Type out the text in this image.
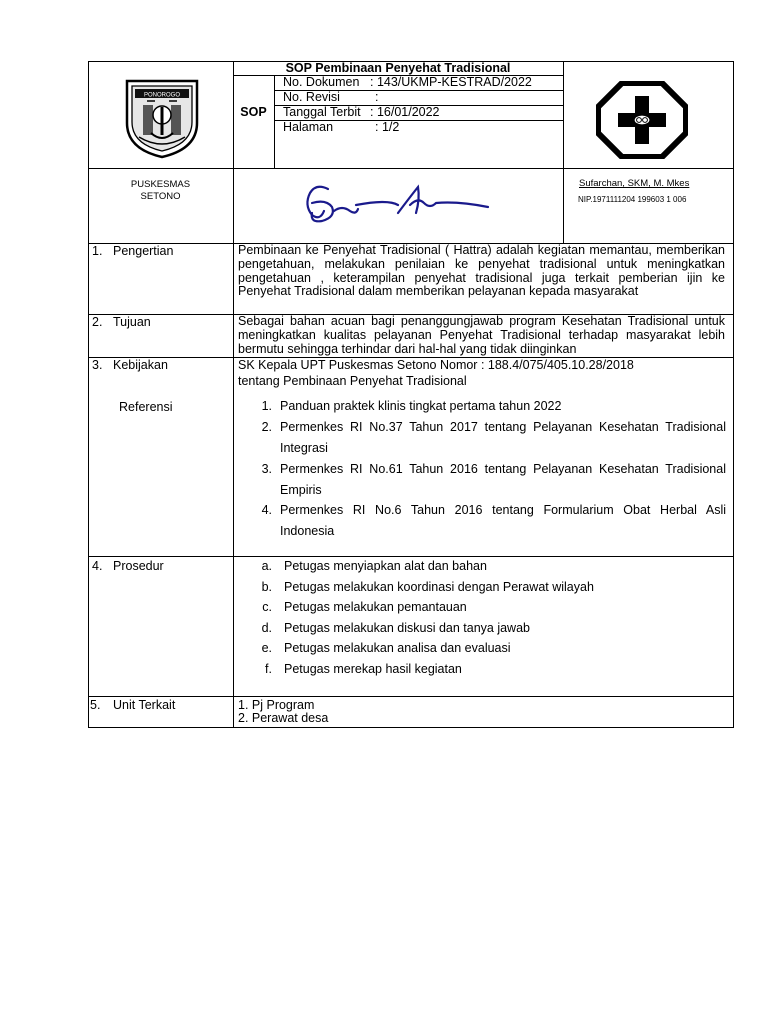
PONOROGO
SOP Pembinaan Penyehat Tradisional
SOP
No. Dokumen : 143/UKMP-KESTRAD/2022
No. Revisi	:
Tanggal Terbit : 16/01/2022
Halaman	: 1/2
PUSKESMAS
SETONO
Sufarchan, SKM, M. Mkes
NIP.1971111204 199603 1 006
1. Pengertian	Pembinaan ke Penyehat Tradisional ( Hattra) adalah kegiatan memantau, memberikan pengetahuan, melakukan penilaian ke penyehat tradisional untuk meningkatkan pengetahuan , keterampilan penyehat tradisional juga terkait pemberian ijin ke Penyehat Tradisional dalam memberikan pelayanan kepada masyarakat
2. Tujuan	Sebagai bahan acuan bagi penanggungjawab program Kesehatan Tradisional untuk meningkatkan kualitas pelayanan Penyehat Tradisional terhadap masyarakat lebih bermutu sehingga terhindar dari hal-hal yang tidak diinginkan
3. Kebijakan	SK Kepala UPT Puskesmas Setono Nomor : 188.4/075/405.10.28/2018
tentang Pembinaan Penyehat Tradisional
Referensi	1. Panduan praktek klinis tingkat pertama tahun 2022
2. Permenkes RI No.37 Tahun 2017 tentang Pelayanan Kesehatan Tradisional Integrasi
3. Permenkes RI No.61 Tahun 2016 tentang Pelayanan Kesehatan Tradisional Empiris
4. Permenkes RI No.6 Tahun 2016 tentang Formularium Obat Herbal Asli Indonesia
4. Prosedur	a. Petugas menyiapkan alat dan bahan
b. Petugas melakukan koordinasi dengan Perawat wilayah
c. Petugas melakukan pemantauan
d. Petugas melakukan diskusi dan tanya jawab
e. Petugas melakukan analisa dan evaluasi
f. Petugas merekap hasil kegiatan
5. Unit Terkait	1. Pj Program
2. Perawat desa
